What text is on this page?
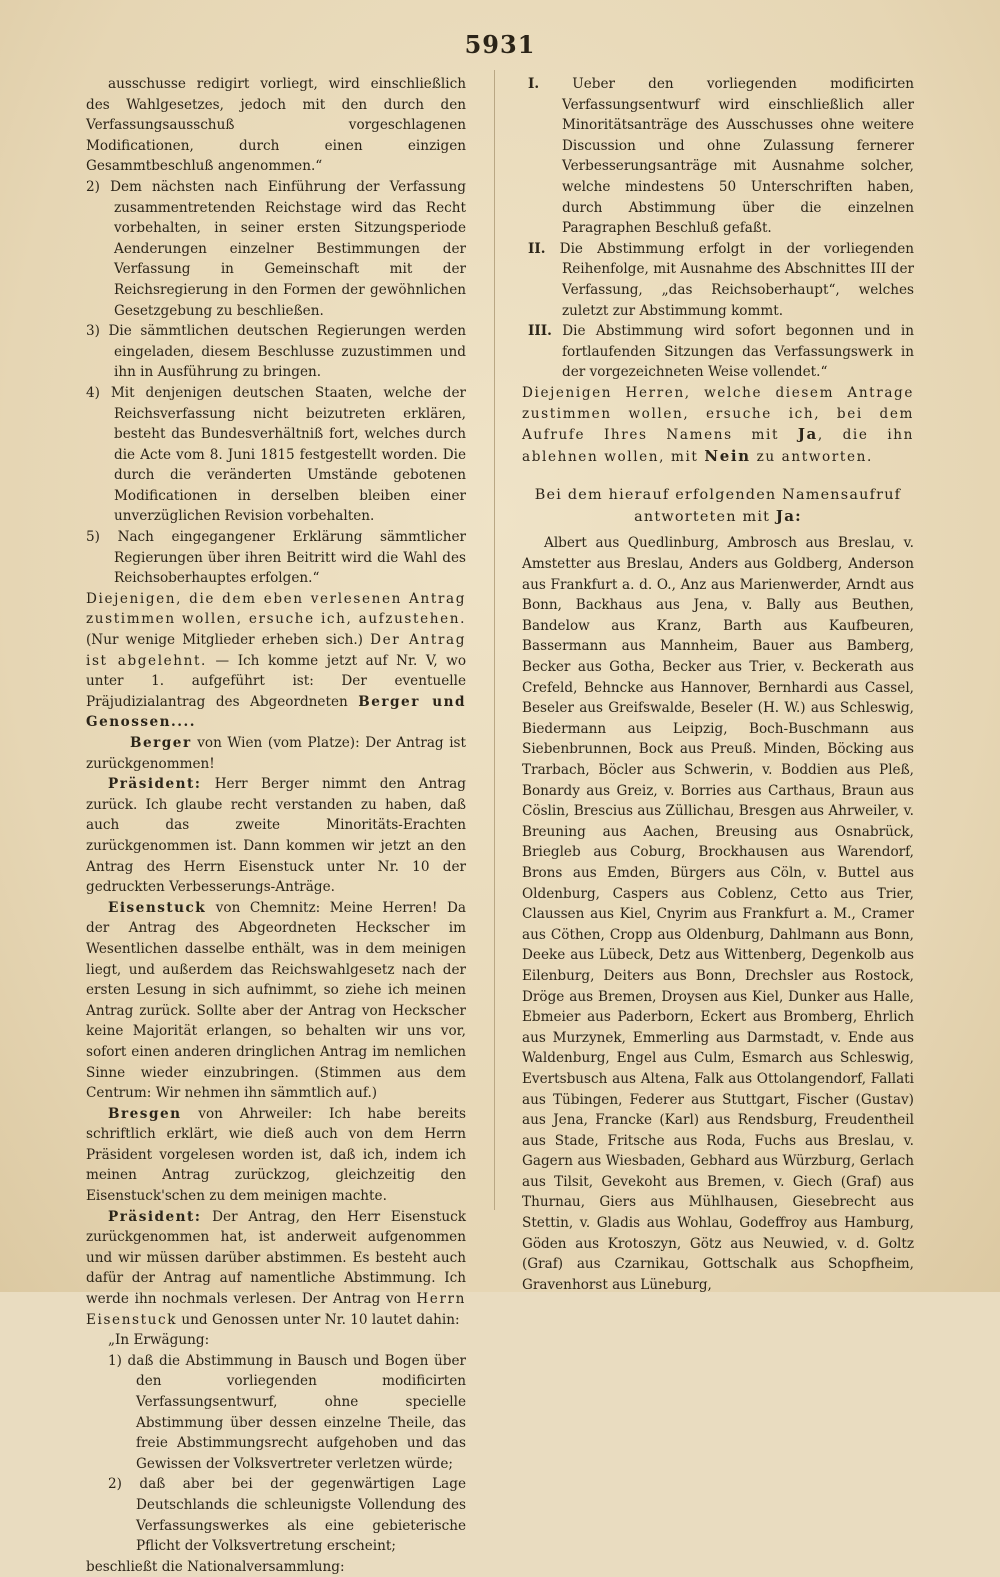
5931

ausschusse redigirt vorliegt, wird einschließlich des Wahlgesetzes, jedoch mit den durch den Verfassungsausschuß vorgeschlagenen Modificationen, durch einen einzigen Gesammtbeschluß angenommen.“

2) Dem nächsten nach Einführung der Verfassung zusammentretenden Reichstage wird das Recht vorbehalten, in seiner ersten Sitzungsperiode Aenderungen einzelner Bestimmungen der Verfassung in Gemeinschaft mit der Reichsregierung in den Formen der gewöhnlichen Gesetzgebung zu beschließen.

3) Die sämmtlichen deutschen Regierungen werden eingeladen, diesem Beschlusse zuzustimmen und ihn in Ausführung zu bringen.

4) Mit denjenigen deutschen Staaten, welche der Reichsverfassung nicht beizutreten erklären, besteht das Bundesverhältniß fort, welches durch die Acte vom 8. Juni 1815 festgestellt worden. Die durch die veränderten Umstände gebotenen Modificationen in derselben bleiben einer unverzüglichen Revision vorbehalten.

5) Nach eingegangener Erklärung sämmtlicher Regierungen über ihren Beitritt wird die Wahl des Reichsoberhauptes erfolgen.“

Diejenigen, die dem eben verlesenen Antrag zustimmen wollen, ersuche ich, aufzustehen. (Nur wenige Mitglieder erheben sich.) Der Antrag ist abgelehnt. — Ich komme jetzt auf Nr. V, wo unter 1. aufgeführt ist: Der eventuelle Präjudizialantrag des Abgeordneten Berger und Genossen....

Berger von Wien (vom Platze): Der Antrag ist zurückgenommen!

Präsident: Herr Berger nimmt den Antrag zurück. Ich glaube recht verstanden zu haben, daß auch das zweite Minoritäts-Erachten zurückgenommen ist. Dann kommen wir jetzt an den Antrag des Herrn Eisenstuck unter Nr. 10 der gedruckten Verbesserungs-Anträge.

Eisenstuck von Chemnitz: Meine Herren! Da der Antrag des Abgeordneten Heckscher im Wesentlichen dasselbe enthält, was in dem meinigen liegt, und außerdem das Reichswahlgesetz nach der ersten Lesung in sich aufnimmt, so ziehe ich meinen Antrag zurück. Sollte aber der Antrag von Heckscher keine Majorität erlangen, so behalten wir uns vor, sofort einen anderen dringlichen Antrag im nemlichen Sinne wieder einzubringen. (Stimmen aus dem Centrum: Wir nehmen ihn sämmtlich auf.)

Bresgen von Ahrweiler: Ich habe bereits schriftlich erklärt, wie dieß auch von dem Herrn Präsident vorgelesen worden ist, daß ich, indem ich meinen Antrag zurückzog, gleichzeitig den Eisenstuck'schen zu dem meinigen machte.

Präsident: Der Antrag, den Herr Eisenstuck zurückgenommen hat, ist anderweit aufgenommen und wir müssen darüber abstimmen. Es besteht auch dafür der Antrag auf namentliche Abstimmung. Ich werde ihn nochmals verlesen. Der Antrag von Herrn Eisenstuck und Genossen unter Nr. 10 lautet dahin:

„In Erwägung:

1) daß die Abstimmung in Bausch und Bogen über den vorliegenden modificirten Verfassungsentwurf, ohne specielle Abstimmung über dessen einzelne Theile, das freie Abstimmungsrecht aufgehoben und das Gewissen der Volksvertreter verletzen würde;

2) daß aber bei der gegenwärtigen Lage Deutschlands die schleunigste Vollendung des Verfassungswerkes als eine gebieterische Pflicht der Volksvertretung erscheint;

beschließt die Nationalversammlung:

I. Ueber den vorliegenden modificirten Verfassungsentwurf wird einschließlich aller Minoritätsanträge des Ausschusses ohne weitere Discussion und ohne Zulassung fernerer Verbesserungsanträge mit Ausnahme solcher, welche mindestens 50 Unterschriften haben, durch Abstimmung über die einzelnen Paragraphen Beschluß gefaßt.

II. Die Abstimmung erfolgt in der vorliegenden Reihenfolge, mit Ausnahme des Abschnittes III der Verfassung, „das Reichsoberhaupt“, welches zuletzt zur Abstimmung kommt.

III. Die Abstimmung wird sofort begonnen und in fortlaufenden Sitzungen das Verfassungswerk in der vorgezeichneten Weise vollendet.“

Diejenigen Herren, welche diesem Antrage zustimmen wollen, ersuche ich, bei dem Aufrufe Ihres Namens mit Ja, die ihn ablehnen wollen, mit Nein zu antworten.

Bei dem hierauf erfolgenden Namensaufruf antworteten mit Ja:

Albert aus Quedlinburg, Ambrosch aus Breslau, v. Amstetter aus Breslau, Anders aus Goldberg, Anderson aus Frankfurt a. d. O., Anz aus Marienwerder, Arndt aus Bonn, Backhaus aus Jena, v. Bally aus Beuthen, Bandelow aus Kranz, Barth aus Kaufbeuren, Bassermann aus Mannheim, Bauer aus Bamberg, Becker aus Gotha, Becker aus Trier, v. Beckerath aus Crefeld, Behncke aus Hannover, Bernhardi aus Cassel, Beseler aus Greifswalde, Beseler (H. W.) aus Schleswig, Biedermann aus Leipzig, Boch-Buschmann aus Siebenbrunnen, Bock aus Preuß. Minden, Böcking aus Trarbach, Böcler aus Schwerin, v. Boddien aus Pleß, Bonardy aus Greiz, v. Borries aus Carthaus, Braun aus Cöslin, Brescius aus Züllichau, Bresgen aus Ahrweiler, v. Breuning aus Aachen, Breusing aus Osnabrück, Briegleb aus Coburg, Brockhausen aus Warendorf, Brons aus Emden, Bürgers aus Cöln, v. Buttel aus Oldenburg, Caspers aus Coblenz, Cetto aus Trier, Claussen aus Kiel, Cnyrim aus Frankfurt a. M., Cramer aus Cöthen, Cropp aus Oldenburg, Dahlmann aus Bonn, Deeke aus Lübeck, Detz aus Wittenberg, Degenkolb aus Eilenburg, Deiters aus Bonn, Drechsler aus Rostock, Dröge aus Bremen, Droysen aus Kiel, Dunker aus Halle, Ebmeier aus Paderborn, Eckert aus Bromberg, Ehrlich aus Murzynek, Emmerling aus Darmstadt, v. Ende aus Waldenburg, Engel aus Culm, Esmarch aus Schleswig, Evertsbusch aus Altena, Falk aus Ottolangendorf, Fallati aus Tübingen, Federer aus Stuttgart, Fischer (Gustav) aus Jena, Francke (Karl) aus Rendsburg, Freudentheil aus Stade, Fritsche aus Roda, Fuchs aus Breslau, v. Gagern aus Wiesbaden, Gebhard aus Würzburg, Gerlach aus Tilsit, Gevekoht aus Bremen, v. Giech (Graf) aus Thurnau, Giers aus Mühlhausen, Giesebrecht aus Stettin, v. Gladis aus Wohlau, Godeffroy aus Hamburg, Göden aus Krotoszyn, Götz aus Neuwied, v. d. Goltz (Graf) aus Czarnikau, Gottschalk aus Schopfheim, Gravenhorst aus Lüneburg,
